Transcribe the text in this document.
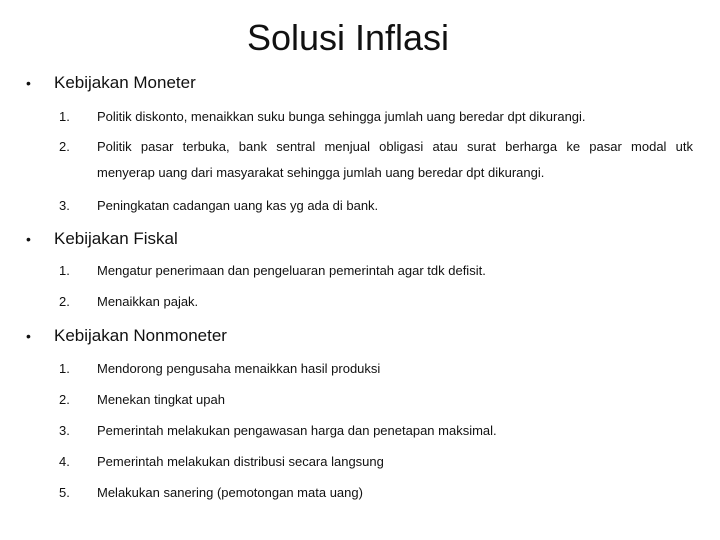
Solusi Inflasi
• Kebijakan Moneter
1. Politik diskonto, menaikkan suku bunga sehingga jumlah uang beredar dpt dikurangi.
2. Politik pasar terbuka, bank sentral menjual obligasi atau surat berharga ke pasar modal utk
menyerap uang dari masyarakat sehingga jumlah uang beredar dpt dikurangi.
3. Peningkatan cadangan uang kas yg ada di bank.
• Kebijakan Fiskal
1. Mengatur penerimaan dan pengeluaran pemerintah agar tdk defisit.
2. Menaikkan pajak.
• Kebijakan Nonmoneter
1. Mendorong pengusaha menaikkan hasil produksi
2. Menekan tingkat upah
3. Pemerintah melakukan pengawasan harga dan penetapan maksimal.
4. Pemerintah melakukan distribusi secara langsung
5. Melakukan sanering (pemotongan mata uang)
